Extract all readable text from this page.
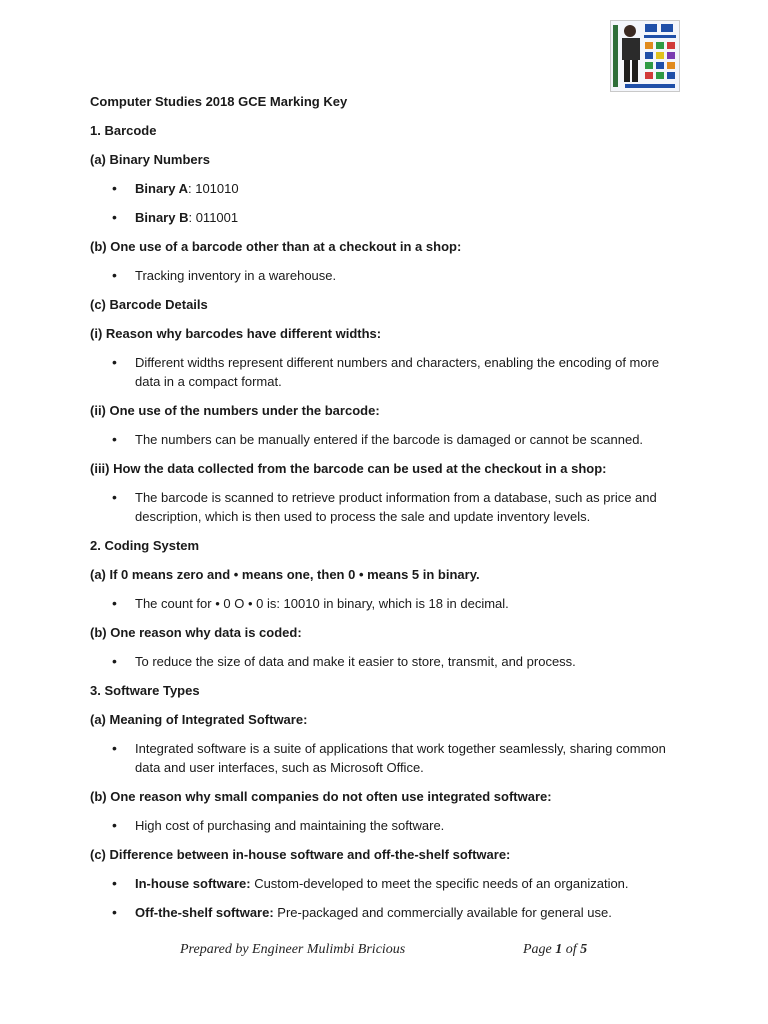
Computer Studies 2018 GCE Marking Key

1. Barcode

(a) Binary Numbers

• Binary A: 101010
• Binary B: 011001

(b) One use of a barcode other than at a checkout in a shop:

• Tracking inventory in a warehouse.

(c) Barcode Details

(i) Reason why barcodes have different widths:

• Different widths represent different numbers and characters, enabling the encoding of more data in a compact format.

(ii) One use of the numbers under the barcode:

• The numbers can be manually entered if the barcode is damaged or cannot be scanned.

(iii) How the data collected from the barcode can be used at the checkout in a shop:

• The barcode is scanned to retrieve product information from a database, such as price and description, which is then used to process the sale and update inventory levels.

2. Coding System

(a) If 0 means zero and • means one, then 0 • means 5 in binary.

• The count for • 0 O • 0 is: 10010 in binary, which is 18 in decimal.

(b) One reason why data is coded:

• To reduce the size of data and make it easier to store, transmit, and process.

3. Software Types

(a) Meaning of Integrated Software:

• Integrated software is a suite of applications that work together seamlessly, sharing common data and user interfaces, such as Microsoft Office.

(b) One reason why small companies do not often use integrated software:

• High cost of purchasing and maintaining the software.

(c) Difference between in-house software and off-the-shelf software:

• In-house software: Custom-developed to meet the specific needs of an organization.
• Off-the-shelf software: Pre-packaged and commercially available for general use.
Prepared by Engineer Mulimbi Bricious	Page 1 of 5
